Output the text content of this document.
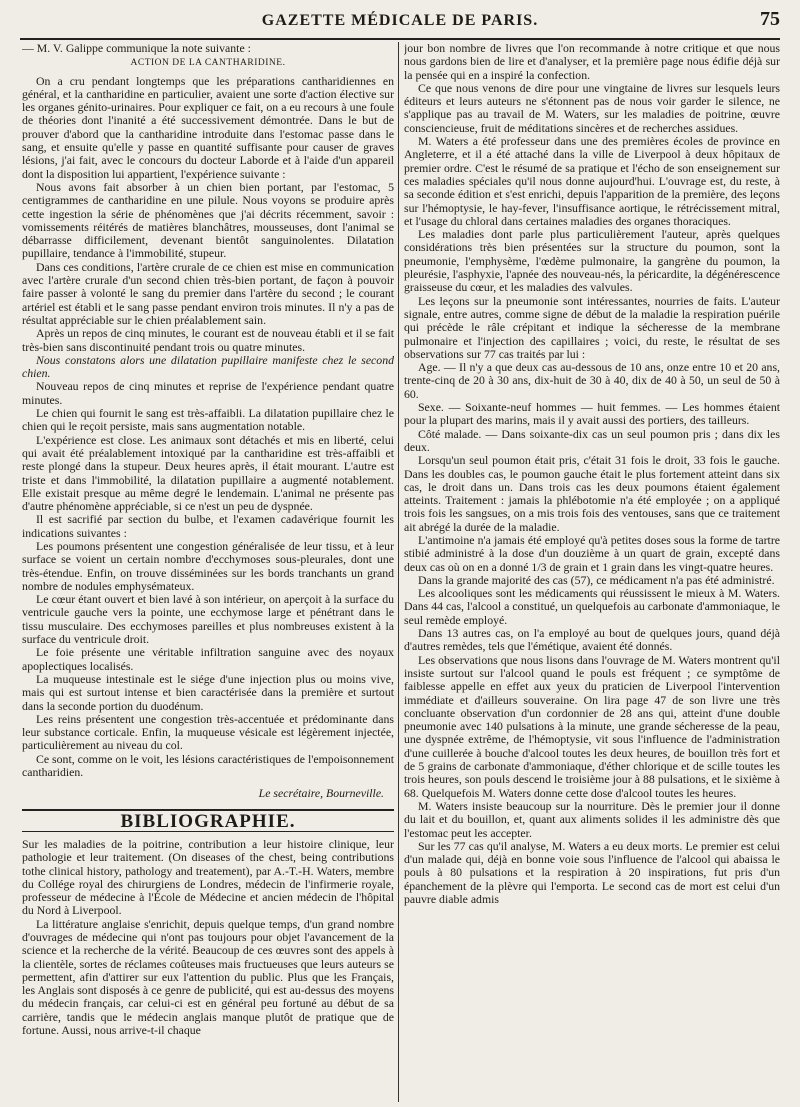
GAZETTE MÉDICALE DE PARIS.	75

— M. V. Galippe communique la note suivante :

ACTION DE LA CANTHARIDINE.

On a cru pendant longtemps que les préparations cantharidiennes en général, et la cantharidine en particulier, avaient une sorte d'action élective sur les organes génito-urinaires. Pour expliquer ce fait, on a eu recours à une foule de théories dont l'inanité a été successivement démontrée. Dans le but de prouver d'abord que la cantharidine introduite dans l'estomac passe dans le sang, et ensuite qu'elle y passe en quantité suffisante pour causer de graves lésions, j'ai fait, avec le concours du docteur Laborde et à l'aide d'un appareil dont la disposition lui appartient, l'expérience suivante :

Nous avons fait absorber à un chien bien portant, par l'estomac, 5 centigrammes de cantharidine en une pilule. Nous voyons se produire après cette ingestion la série de phénomènes que j'ai décrits récemment, savoir : vomissements réitérés de matières blanchâtres, mousseuses, dont l'animal se débarrasse difficilement, devenant bientôt sanguinolentes. Dilatation pupillaire, tendance à l'immobilité, stupeur.

Dans ces conditions, l'artère crurale de ce chien est mise en communication avec l'artère crurale d'un second chien très-bien portant, de façon à pouvoir faire passer à volonté le sang du premier dans l'artère du second ; le courant artériel est établi et le sang passe pendant environ trois minutes. Il n'y a pas de résultat appréciable sur le chien préalablement sain.

Après un repos de cinq minutes, le courant est de nouveau établi et il se fait très-bien sans discontinuité pendant trois ou quatre minutes.

Nous constatons alors une dilatation pupillaire manifeste chez le second chien.

Nouveau repos de cinq minutes et reprise de l'expérience pendant quatre minutes.

Le chien qui fournit le sang est très-affaibli. La dilatation pupillaire chez le chien qui le reçoit persiste, mais sans augmentation notable.

L'expérience est close. Les animaux sont détachés et mis en liberté, celui qui avait été préalablement intoxiqué par la cantharidine est très-affaibli et reste plongé dans la stupeur. Deux heures après, il était mourant. L'autre est triste et dans l'immobilité, la dilatation pupillaire a augmenté notablement. Elle existait presque au même degré le lendemain. L'animal ne présente pas d'autre phénomène appréciable, si ce n'est un peu de dyspnée.

Il est sacrifié par section du bulbe, et l'examen cadavérique fournit les indications suivantes :

Les poumons présentent une congestion généralisée de leur tissu, et à leur surface se voient un certain nombre d'ecchymoses sous-pleurales, dont une très-étendue. Enfin, on trouve disséminées sur les bords tranchants un grand nombre de nodules emphysémateux.

Le cœur étant ouvert et bien lavé à son intérieur, on aperçoit à la surface du ventricule gauche vers la pointe, une ecchymose large et pénétrant dans le tissu musculaire. Des ecchymoses pareilles et plus nombreuses existent à la surface du ventricule droit.

Le foie présente une véritable infiltration sanguine avec des noyaux apoplectiques localisés.

La muqueuse intestinale est le siége d'une injection plus ou moins vive, mais qui est surtout intense et bien caractérisée dans la première et surtout dans la seconde portion du duodénum.

Les reins présentent une congestion très-accentuée et prédominante dans leur substance corticale. Enfin, la muqueuse vésicale est légèrement injectée, particulièrement au niveau du col.

Ce sont, comme on le voit, les lésions caractéristiques de l'empoisonnement cantharidien.

Le secrétaire, Bourneville.

BIBLIOGRAPHIE.

Sur les maladies de la poitrine, contribution a leur histoire clinique, leur pathologie et leur traitement. (On diseases of the chest, being contributions tothe clinical history, pathology and treatement), par A.-T.-H. Waters, membre du Collége royal des chirurgiens de Londres, médecin de l'infirmerie royale, professeur de médecine à l'École de Médecine et ancien médecin de l'hôpital du Nord à Liverpool.

La littérature anglaise s'enrichit, depuis quelque temps, d'un grand nombre d'ouvrages de médecine qui n'ont pas toujours pour objet l'avancement de la science et la recherche de la vérité. Beaucoup de ces œuvres sont des appels à la clientèle, sortes de réclames coûteuses mais fructueuses que leurs auteurs se permettent, afin d'attirer sur eux l'attention du public. Plus que les Français, les Anglais sont disposés à ce genre de publicité, qui est au-dessus des moyens du médecin français, car celui-ci est en général peu fortuné au début de sa carrière, tandis que le médecin anglais manque plutôt de pratique que de fortune. Aussi, nous arrive-t-il chaque

jour bon nombre de livres que l'on recommande à notre critique et que nous nous gardons bien de lire et d'analyser, et la première page nous édifie déjà sur la pensée qui en a inspiré la confection.

Ce que nous venons de dire pour une vingtaine de livres sur lesquels leurs éditeurs et leurs auteurs ne s'étonnent pas de nous voir garder le silence, ne s'applique pas au travail de M. Waters, sur les maladies de poitrine, œuvre consciencieuse, fruit de méditations sincères et de recherches assidues.

M. Waters a été professeur dans une des premières écoles de province en Angleterre, et il a été attaché dans la ville de Liverpool à deux hôpitaux de premier ordre. C'est le résumé de sa pratique et l'écho de son enseignement sur ces maladies spéciales qu'il nous donne aujourd'hui. L'ouvrage est, du reste, à sa seconde édition et s'est enrichi, depuis l'apparition de la première, des leçons sur l'hémoptysie, le hay-fever, l'insuffisance aortique, le rétrécissement mitral, et l'usage du chloral dans certaines maladies des organes thoraciques.

Les maladies dont parle plus particulièrement l'auteur, après quelques considérations très bien présentées sur la structure du poumon, sont la pneumonie, l'emphysème, l'œdème pulmonaire, la gangrène du poumon, la pleurésie, l'asphyxie, l'apnée des nouveau-nés, la péricardite, la dégénérescence graisseuse du cœur, et les maladies des valvules.

Les leçons sur la pneumonie sont intéressantes, nourries de faits. L'auteur signale, entre autres, comme signe de début de la maladie la respiration puérile qui précède le râle crépitant et indique la sécheresse de la membrane pulmonaire et l'injection des capillaires ; voici, du reste, le résultat de ses observations sur 77 cas traités par lui :

Age. — Il n'y a que deux cas au-dessous de 10 ans, onze entre 10 et 20 ans, trente-cinq de 20 à 30 ans, dix-huit de 30 à 40, dix de 40 à 50, un seul de 50 à 60.

Sexe. — Soixante-neuf hommes — huit femmes. — Les hommes étaient pour la plupart des marins, mais il y avait aussi des portiers, des tailleurs.

Côté malade. — Dans soixante-dix cas un seul poumon pris ; dans dix les deux.

Lorsqu'un seul poumon était pris, c'était 31 fois le droit, 33 fois le gauche. Dans les doubles cas, le poumon gauche était le plus fortement atteint dans six cas, le droit dans un. Dans trois cas les deux poumons étaient également atteints. Traitement : jamais la phlébotomie n'a été employée ; on a appliqué trois fois les sangsues, on a mis trois fois des ventouses, sans que ce traitement ait abrégé la durée de la maladie.

L'antimoine n'a jamais été employé qu'à petites doses sous la forme de tartre stibié administré à la dose d'un douzième à un quart de grain, excepté dans deux cas où on en a donné 1/3 de grain et 1 grain dans les vingt-quatre heures.

Dans la grande majorité des cas (57), ce médicament n'a pas été administré.

Les alcooliques sont les médicaments qui réussissent le mieux à M. Waters. Dans 44 cas, l'alcool a constitué, un quelquefois au carbonate d'ammoniaque, le seul remède employé.

Dans 13 autres cas, on l'a employé au bout de quelques jours, quand déjà d'autres remèdes, tels que l'émétique, avaient été donnés.

Les observations que nous lisons dans l'ouvrage de M. Waters montrent qu'il insiste surtout sur l'alcool quand le pouls est fréquent ; ce symptôme de faiblesse appelle en effet aux yeux du praticien de Liverpool l'intervention immédiate et d'ailleurs souveraine. On lira page 47 de son livre une très concluante observation d'un cordonnier de 28 ans qui, atteint d'une double pneumonie avec 140 pulsations à la minute, une grande sécheresse de la peau, une dyspnée extrême, de l'hémoptysie, vit sous l'influence de l'administration d'une cuillerée à bouche d'alcool toutes les deux heures, de bouillon très fort et de 5 grains de carbonate d'ammoniaque, d'éther chlorique et de scille toutes les trois heures, son pouls descend le troisième jour à 88 pulsations, et le sixième à 68. Quelquefois M. Waters donne cette dose d'alcool toutes les heures.

M. Waters insiste beaucoup sur la nourriture. Dès le premier jour il donne du lait et du bouillon, et, quant aux aliments solides il les administre dès que l'estomac peut les accepter.

Sur les 77 cas qu'il analyse, M. Waters a eu deux morts. Le premier est celui d'un malade qui, déjà en bonne voie sous l'influence de l'alcool qui abaissa le pouls à 80 pulsations et la respiration à 20 inspirations, fut pris d'un épanchement de la plèvre qui l'emporta. Le second cas de mort est celui d'un pauvre diable admis
